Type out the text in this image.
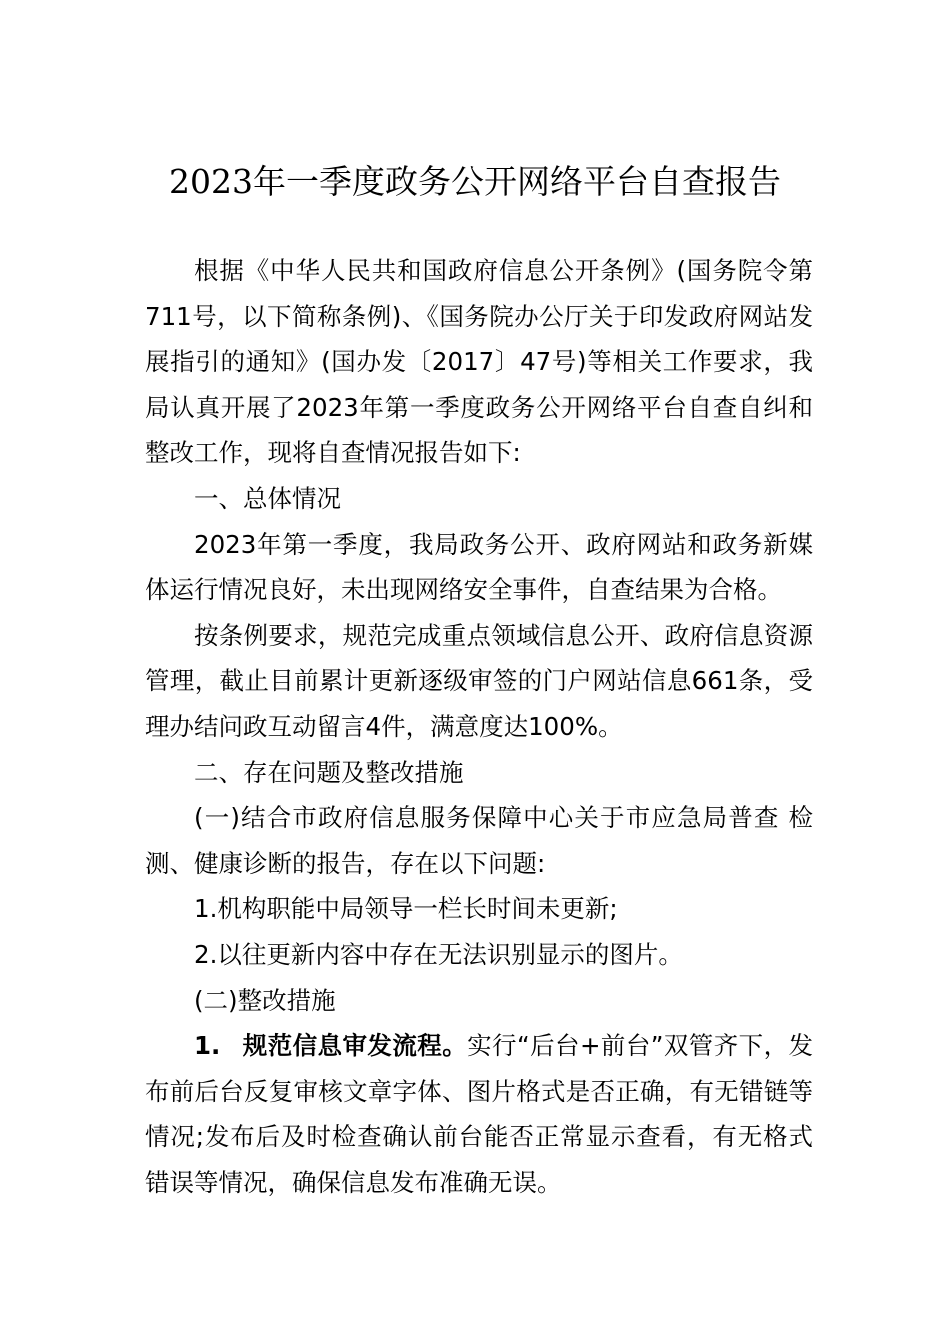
2023年一季度政务公开网络平台自查报告

根据《中华人民共和国政府信息公开条例》(国务院令第711号，以下简称条例)、《国务院办公厅关于印发政府网站发展指引的通知》(国办发〔2017〕47号)等相关工作要求，我局认真开展了2023年第一季度政务公开网络平台自查自纠和整改工作，现将自查情况报告如下:

一、总体情况

2023年第一季度，我局政务公开、政府网站和政务新媒体运行情况良好，未出现网络安全事件，自查结果为合格。

按条例要求，规范完成重点领域信息公开、政府信息资源管理，截止目前累计更新逐级审签的门户网站信息661条，受理办结问政互动留言4件，满意度达100%。

二、存在问题及整改措施

(一)结合市政府信息服务保障中心关于市应急局普查 检测、健康诊断的报告，存在以下问题:

1.机构职能中局领导一栏长时间未更新;

2.以往更新内容中存在无法识别显示的图片。

(二)整改措施

1. 规范信息审发流程。实行“后台+前台”双管齐下，发布前后台反复审核文章字体、图片格式是否正确，有无错链等情况;发布后及时检查确认前台能否正常显示查看，有无格式错误等情况，确保信息发布准确无误。
